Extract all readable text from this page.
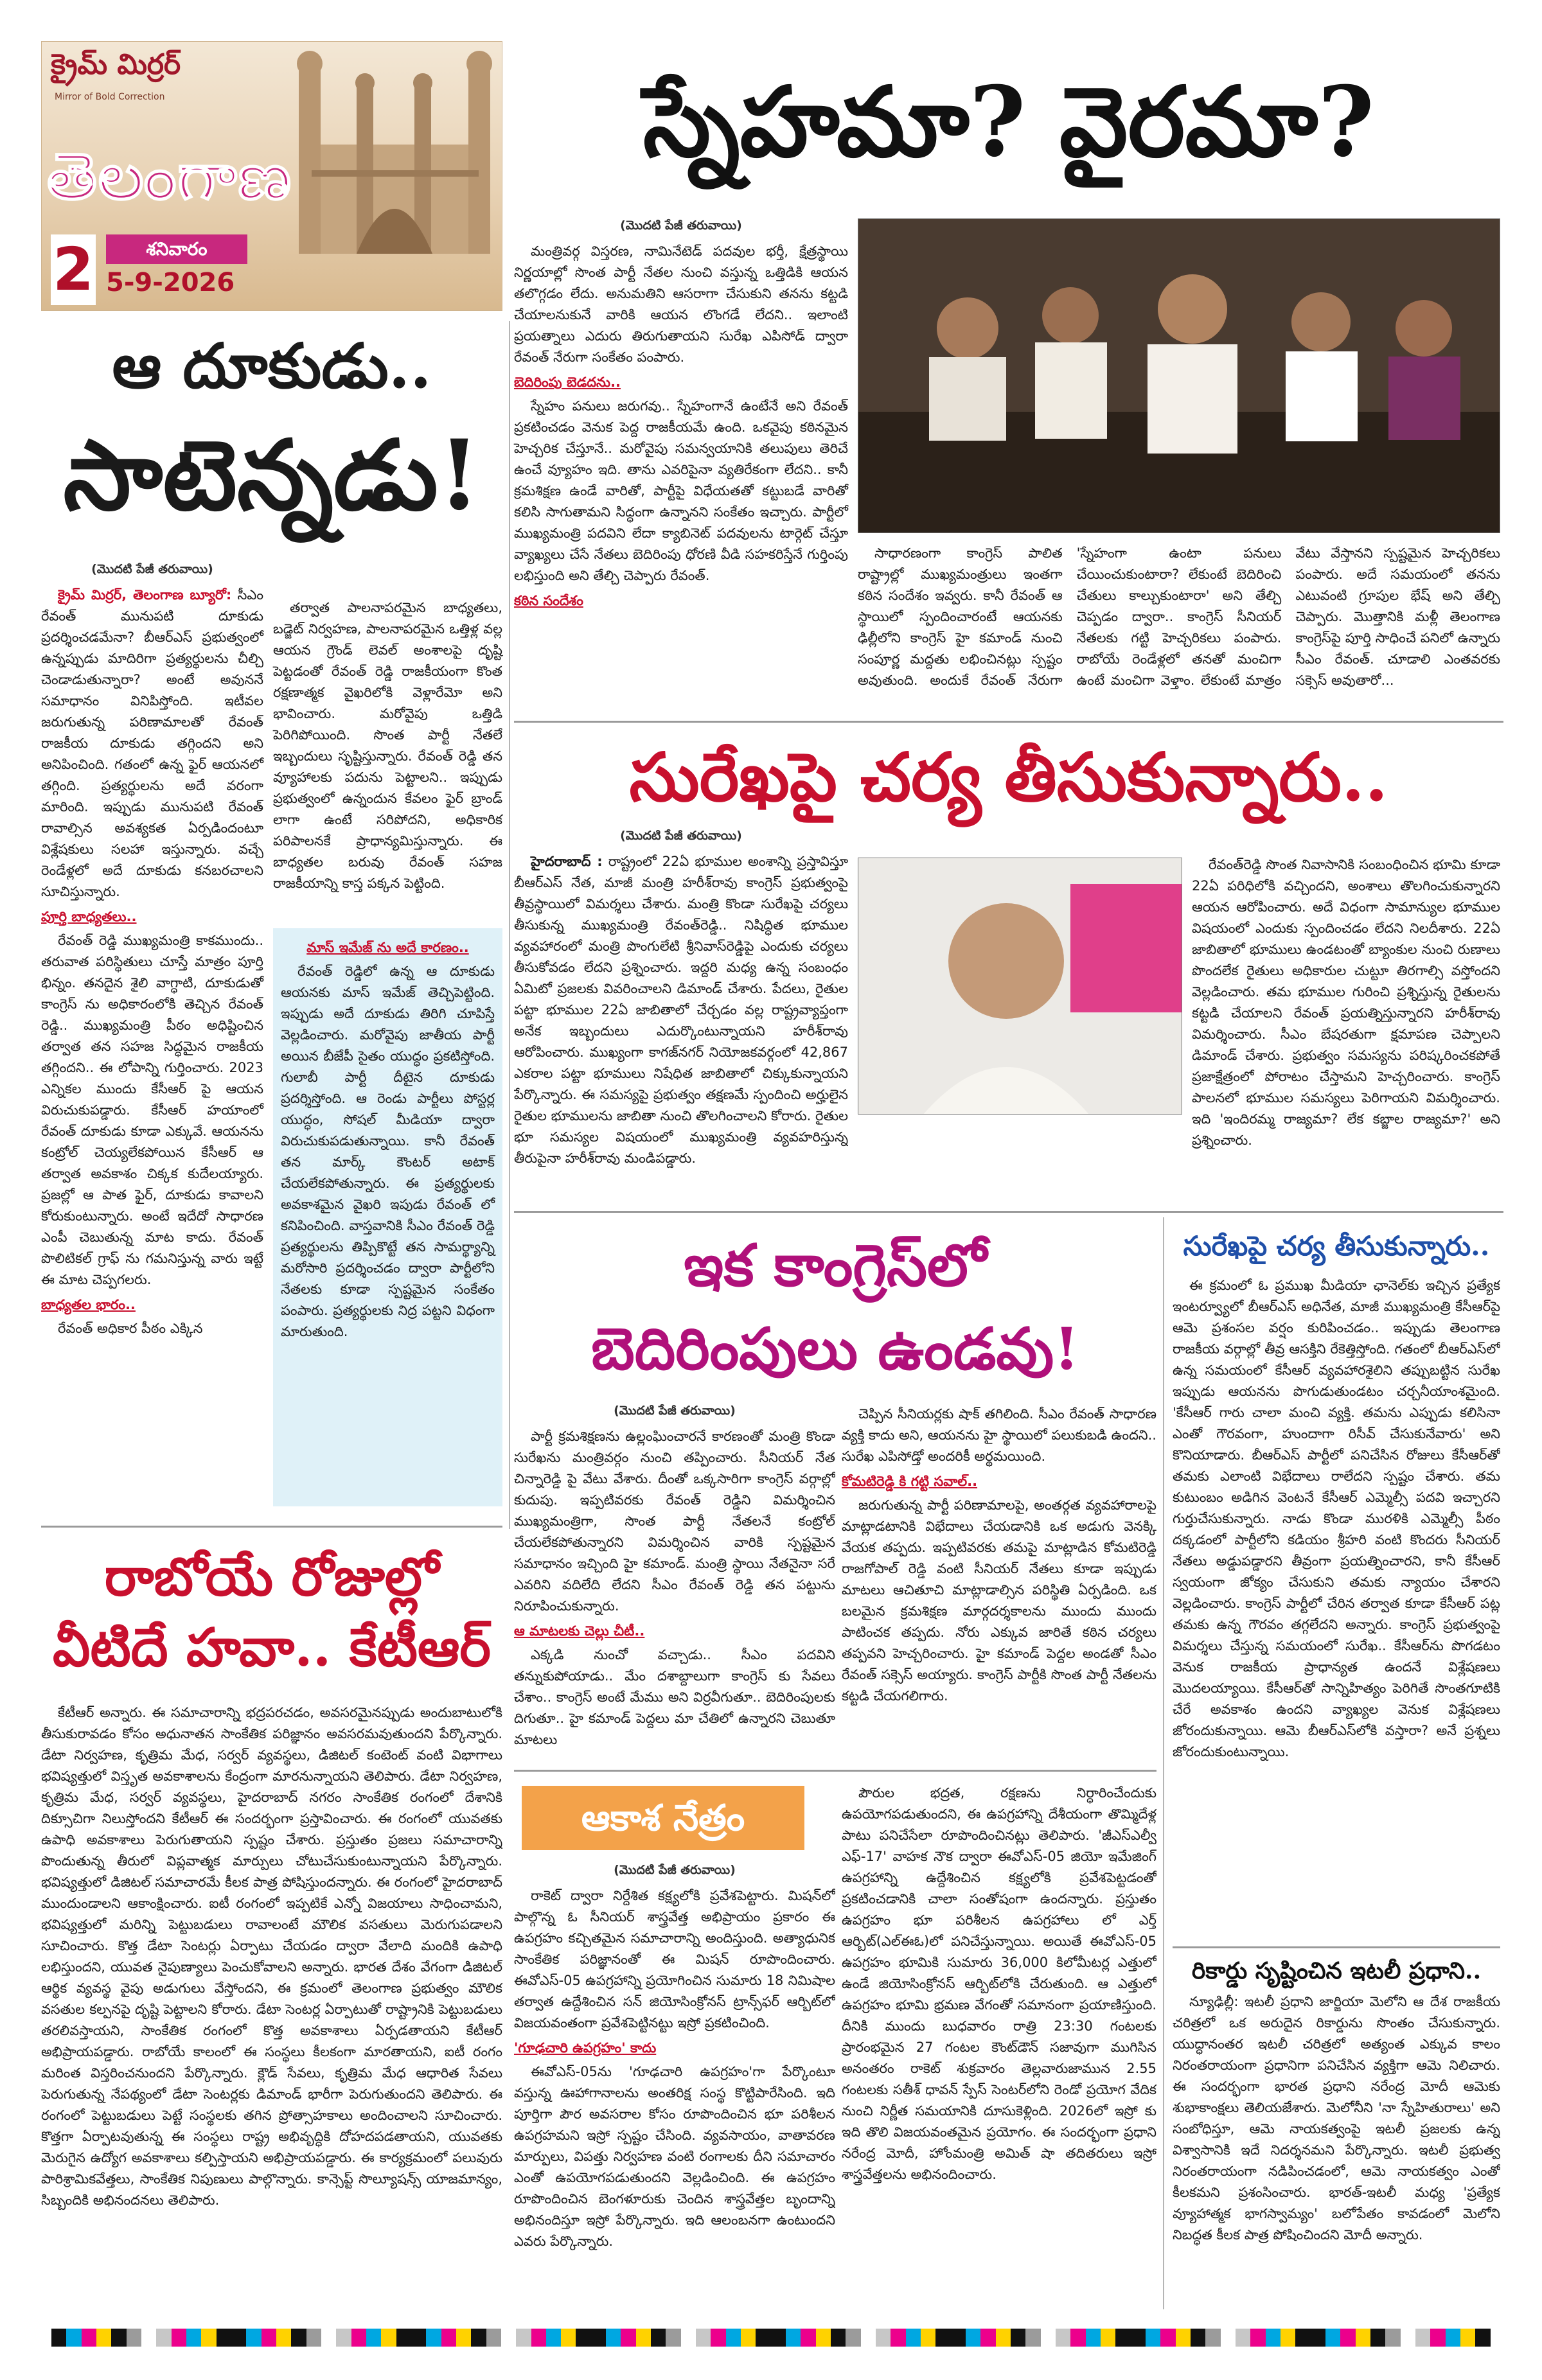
క్రైమ్ మిర్రర్
Mirror of Bold Correction
తెలంగాణ
2	శనివారం
5-9-2026
స్నేహమా? వైరమా?
(మొదటి పేజీ తరువాయి)

మంత్రివర్గ విస్తరణ, నామినేటెడ్ పదవుల భర్తీ, క్షేత్రస్థాయి నిర్ణయాల్లో సొంత పార్టీ నేతల నుంచి వస్తున్న ఒత్తిడికి ఆయన తలొగ్గడం లేదు. అనుమతిని ఆసరాగా చేసుకుని తనను కట్టడి చేయాలనుకునే వారికి ఆయన లొంగడే లేదని.. ఇలాంటి ప్రయత్నాలు ఎదురు తిరుగుతాయని సురేఖ ఎపిసోడ్ ద్వారా రేవంత్ నేరుగా సంకేతం పంపారు.

బెదిరింపు బెడదను..

స్నేహం పనులు జరుగవు.. స్నేహంగానే ఉంటేనే అని రేవంత్ ప్రకటించడం వెనుక పెద్ద రాజకీయమే ఉంది. ఒకవైపు కఠినమైన హెచ్చరిక చేస్తూనే.. మరోవైపు సమన్వయానికి తలుపులు తెరిచే ఉంచే వ్యూహం ఇది. తాను ఎవరిపైనా వ్యతిరేకంగా లేదని.. కానీ క్రమశిక్షణ ఉండే వారితో, పార్టీపై విధేయతతో కట్టుబడే వారితో కలిసి సాగుతామని సిద్ధంగా ఉన్నానని సంకేతం ఇచ్చారు. పార్టీలో ముఖ్యమంత్రి పదవిని లేదా క్యాబినెట్ పదవులను టార్గెట్ చేస్తూ వ్యాఖ్యలు చేసే నేతలు బెదిరింపు ధోరణి వీడి సహకరిస్తేనే గుర్తింపు లభిస్తుంది అని తేల్చి చెప్పారు రేవంత్.

కఠిన సందేశం

సాధారణంగా కాంగ్రెస్ పాలిత రాష్ట్రాల్లో ముఖ్యమంత్రులు ఇంతగా కఠిన సందేశం ఇవ్వరు. కానీ రేవంత్ ఆ స్థాయిలో స్పందించారంటే ఆయనకు ఢిల్లీలోని కాంగ్రెస్ హై కమాండ్ నుంచి సంపూర్ణ మద్దతు లభించినట్లు స్పష్టం అవుతుంది. అందుకే రేవంత్ నేరుగా 'స్నేహంగా ఉంటా పనులు చేయించుకుంటారా? లేకుంటే బెదిరించి చేతులు కాల్చుకుంటారా' అని తేల్చి చెప్పడం ద్వారా.. కాంగ్రెస్ సీనియర్ నేతలకు గట్టి హెచ్చరికలు పంపారు. రాబోయే రెండేళ్లలో తనతో మంచిగా ఉంటే మంచిగా వెళ్తాం. లేకుంటే మాత్రం వేటు వేస్తానని స్పష్టమైన హెచ్చరికలు పంపారు. అదే సమయంలో తనను ఎటువంటి గ్రూపుల భేష్ అని తేల్చి చెప్పారు. మొత్తానికి మళ్లీ తెలంగాణ కాంగ్రెస్‌పై పూర్తి సాధించే పనిలో ఉన్నారు సీఎం రేవంత్. చూడాలి ఎంతవరకు సక్సెస్ అవుతారో...

ఆ దూకుడు..
సాటెన్నడు!
(మొదటి పేజీ తరువాయి)

క్రైమ్ మిర్రర్, తెలంగాణ బ్యూరో: సీఎం రేవంత్ మునుపటి దూకుడు ప్రదర్శించడమేనా? బీఆర్ఎస్ ప్రభుత్వంలో ఉన్నప్పుడు మాదిరిగా ప్రత్యర్థులను చీల్చి చెండాడుతున్నారా? అంటే అవుననే సమాధానం వినిపిస్తోంది. ఇటీవల జరుగుతున్న పరిణామాలతో రేవంత్ రాజకీయ దూకుడు తగ్గిందని అని అనిపించింది. గతంలో ఉన్న ఫైర్ ఆయనలో తగ్గింది. ప్రత్యర్థులను అదే వరంగా మారింది. ఇప్పుడు మునుపటి రేవంత్ రావాల్సిన అవశ్యకత ఏర్పడిందంటూ విశ్లేషకులు సలహా ఇస్తున్నారు. వచ్చే రెండేళ్లలో అదే దూకుడు కనబరచాలని సూచిస్తున్నారు.

పూర్తి బాధ్యతలు..

రేవంత్ రెడ్డి ముఖ్యమంత్రి కాకముందు.. తరువాత పరిస్థితులు చూస్తే మాత్రం పూర్తి భిన్నం. తనదైన శైలి వాగ్ధాటి, దూకుడుతో కాంగ్రెస్ ను అధికారంలోకి తెచ్చిన రేవంత్ రెడ్డి.. ముఖ్యమంత్రి పీఠం అధిష్టించిన తర్వాత తన సహజ సిద్ధమైన రాజకీయ తగ్గిందని.. ఈ లోపాన్ని గుర్తించారు. 2023 ఎన్నికల ముందు కేసీఆర్ పై ఆయన విరుచుకుపడ్డారు. కేసీఆర్ హయాంలో రేవంత్ దూకుడు కూడా ఎక్కువే. ఆయనను కంట్రోల్ చెయ్యలేకపోయిన కేసీఆర్ ఆ తర్వాత అవకాశం చిక్కక కుదేలయ్యారు. ప్రజల్లో ఆ పాత ఫైర్, దూకుడు కావాలని కోరుకుంటున్నారు. అంటే ఇదేదో సాధారణ ఎంపీ చెబుతున్న మాట కాదు. రేవంత్ పొలిటికల్ గ్రాఫ్ ను గమనిస్తున్న వారు ఇట్టే ఈ మాట చెప్పగలరు.

బాధ్యతల భారం..

రేవంత్ అధికార పీఠం ఎక్కిన

తర్వాత పాలనాపరమైన బాధ్యతలు, బడ్జెట్ నిర్వహణ, పాలనాపరమైన ఒత్తిళ్ల వల్ల ఆయన గ్రౌండ్ లెవల్ అంశాలపై దృష్టి పెట్టడంతో రేవంత్ రెడ్డి రాజకీయంగా కొంత రక్షణాత్మక వైఖరిలోకి వెళ్లారేమో అని భావించారు. మరోవైపు ఒత్తిడి పెరిగిపోయింది. సొంత పార్టీ నేతలే ఇబ్బందులు సృష్టిస్తున్నారు. రేవంత్ రెడ్డి తన వ్యూహాలకు పదును పెట్టాలని.. ఇప్పుడు ప్రభుత్వంలో ఉన్నందున కేవలం ఫైర్ బ్రాండ్ లాగా ఉంటే సరిపోదని, అధికారిక పరిపాలనకే ప్రాధాన్యమిస్తున్నారు. ఈ బాధ్యతల బరువు రేవంత్ సహజ రాజకీయాన్ని కాస్త పక్కన పెట్టింది.

మాస్ ఇమేజ్ ను అదే కారణం..

రేవంత్ రెడ్డిలో ఉన్న ఆ దూకుడు ఆయనకు మాస్ ఇమేజ్ తెచ్చిపెట్టింది. ఇప్పుడు అదే దూకుడు తిరిగి చూపిస్తే వెల్లడించారు. మరోవైపు జాతీయ పార్టీ అయిన బీజేపీ సైతం యుద్ధం ప్రకటిస్తోంది. గులాబీ పార్టీ దీటైన దూకుడు ప్రదర్శిస్తోంది. ఆ రెండు పార్టీలు పోస్టర్ల యుద్ధం, సోషల్ మీడియా ద్వారా విరుచుకుపడుతున్నాయి. కానీ రేవంత్ తన మార్క్ కౌంటర్ అటాక్ చేయలేకపోతున్నారు. ఈ ప్రత్యర్థులకు అవకాశమైన వైఖరి ఇపుడు రేవంత్ లో కనిపించింది. వాస్తవానికి సీఎం రేవంత్ రెడ్డి ప్రత్యర్థులను తిప్పికొట్టే తన సామర్థ్యాన్ని మరోసారి ప్రదర్శించడం ద్వారా పార్టీలోని నేతలకు కూడా స్పష్టమైన సంకేతం పంపారు. ప్రత్యర్థులకు నిద్ర పట్టని విధంగా మారుతుంది.

సురేఖపై చర్య తీసుకున్నారు..
(మొదటి పేజీ తరువాయి)

హైదరాబాద్ : రాష్ట్రంలో 22ఏ భూముల అంశాన్ని ప్రస్తావిస్తూ బీఆర్ఎస్ నేత, మాజీ మంత్రి హరీశ్‌రావు కాంగ్రెస్ ప్రభుత్వంపై తీవ్రస్థాయిలో విమర్శలు చేశారు. మంత్రి కొండా సురేఖపై చర్యలు తీసుకున్న ముఖ్యమంత్రి రేవంత్‌రెడ్డి.. నిషిద్ధిత భూముల వ్యవహారంలో మంత్రి పొంగులేటి శ్రీనివాస్‌రెడ్డిపై ఎందుకు చర్యలు తీసుకోవడం లేదని ప్రశ్నించారు. ఇద్దరి మధ్య ఉన్న సంబంధం ఏమిటో ప్రజలకు వివరించాలని డిమాండ్ చేశారు. పేదలు, రైతుల పట్టా భూముల 22ఏ జాబితాలో చేర్చడం వల్ల రాష్ట్రవ్యాప్తంగా అనేక ఇబ్బందులు ఎదుర్కొంటున్నాయని హరీశ్‌రావు ఆరోపించారు. ముఖ్యంగా కాగజ్‌నగర్ నియోజకవర్గంలో 42,867 ఎకరాల పట్టా భూములు నిషేధిత జాబితాలో చిక్కుకున్నాయని పేర్కొన్నారు. ఈ సమస్యపై ప్రభుత్వం తక్షణమే స్పందించి అర్హులైన రైతుల భూములను జాబితా నుంచి తొలగించాలని కోరారు. రైతుల భూ సమస్యల విషయంలో ముఖ్యమంత్రి వ్యవహరిస్తున్న తీరుపైనా హరీశ్‌రావు మండిపడ్డారు.

రేవంత్‌రెడ్డి సొంత నివాసానికి సంబంధించిన భూమి కూడా 22ఏ పరిధిలోకి వచ్చిందని, అంశాలు తొలగించుకున్నారని ఆయన ఆరోపించారు. అదే విధంగా సామాన్యుల భూముల విషయంలో ఎందుకు స్పందించడం లేదని నిలదీశారు. 22ఏ జాబితాలో భూములు ఉండటంతో బ్యాంకుల నుంచి రుణాలు పొందలేక రైతులు అధికారుల చుట్టూ తిరగాల్సి వస్తోందని వెల్లడించారు. తమ భూముల గురించి ప్రశ్నిస్తున్న రైతులను కట్టడి చేయాలని రేవంత్ ప్రయత్నిస్తున్నారని హరీశ్‌రావు విమర్శించారు. సీఎం బేషరతుగా క్షమాపణ చెప్పాలని డిమాండ్ చేశారు. ప్రభుత్వం సమస్యను పరిష్కరించకపోతే ప్రజాక్షేత్రంలో పోరాటం చేస్తామని హెచ్చరించారు. కాంగ్రెస్ పాలనలో భూముల సమస్యలు పెరిగాయని విమర్శించారు. ఇది 'ఇందిరమ్మ రాజ్యమా? లేక కబ్జాల రాజ్యమా?' అని ప్రశ్నించారు.

ఇక కాంగ్రెస్‌లో
బెదిరింపులు ఉండవు!
(మొదటి పేజీ తరువాయి)

పార్టీ క్రమశిక్షణను ఉల్లంఘించారనే కారణంతో మంత్రి కొండా సురేఖను మంత్రివర్గం నుంచి తప్పించారు. సీనియర్ నేత చిన్నారెడ్డి పై వేటు వేశారు. దీంతో ఒక్కసారిగా కాంగ్రెస్ వర్గాల్లో కుదుపు. ఇప్పటివరకు రేవంత్ రెడ్డిని విమర్శించిన ముఖ్యమంత్రిగా, సొంత పార్టీ నేతలనే కంట్రోల్ చేయలేకపోతున్నారని విమర్శించిన వారికి స్పష్టమైన సమాధానం ఇచ్చింది హై కమాండ్. మంత్రి స్థాయి నేతనైనా సరే ఎవరిని వదిలేది లేదని సీఎం రేవంత్ రెడ్డి తన పట్టును నిరూపించుకున్నారు.

ఆ మాటలకు చెల్లు చీటీ..

ఎక్కడి నుంచో వచ్చాడు.. సీఎం పదవిని తన్నుకుపోయాడు.. మేం దశాబ్దాలుగా కాంగ్రెస్ కు సేవలు చేశాం.. కాంగ్రెస్ అంటే మేము అని విర్రవీగుతూ.. బెదిరింపులకు దిగుతూ.. హై కమాండ్ పెద్దలు మా చేతిలో ఉన్నారని చెబుతూ మాటలు

చెప్పిన సీనియర్లకు షాక్ తగిలింది. సీఎం రేవంత్ సాధారణ వ్యక్తి కాదు అని, ఆయనను హై స్థాయిలో పలుకుబడి ఉందని.. సురేఖ ఎపిసోడ్తో అందరికీ అర్థమయింది.

కోమటిరెడ్డి కి గట్టి సవాల్..

జరుగుతున్న పార్టీ పరిణామాలపై, అంతర్గత వ్యవహారాలపై మాట్లాడటానికి విభేదాలు చేయడానికి ఒక అడుగు వెనక్కి వేయక తప్పదు. ఇప్పటివరకు తమపై మాట్లాడిన కోమటిరెడ్డి రాజగోపాల్ రెడ్డి వంటి సీనియర్ నేతలు కూడా ఇప్పుడు మాటలు ఆచితూచి మాట్లాడాల్సిన పరిస్థితి ఏర్పడింది. ఒక బలమైన క్రమశిక్షణ మార్గదర్శకాలను ముందు ముందు పాటించక తప్పదు. నోరు ఎక్కువ జారితే కఠిన చర్యలు తప్పవని హెచ్చరించారు. హై కమాండ్ పెద్దల అండతో సీఎం రేవంత్ సక్సెస్ అయ్యారు. కాంగ్రెస్ పార్టీకి సొంత పార్టీ నేతలను కట్టడి చేయగలిగారు.

రాబోయే రోజుల్లో
వీటిదే హవా.. కేటీఆర్

కేటీఆర్ అన్నారు. ఈ సమాచారాన్ని భద్రపరచడం, అవసరమైనప్పుడు అందుబాటులోకి తీసుకురావడం కోసం అధునాతన సాంకేతిక పరిజ్ఞానం అవసరమవుతుందని పేర్కొన్నారు. డేటా నిర్వహణ, కృత్రిమ మేధ, సర్వర్ వ్యవస్థలు, డిజిటల్ కంటెంట్ వంటి విభాగాలు భవిష్యత్తులో విస్తృత అవకాశాలను కేంద్రంగా మారనున్నాయని తెలిపారు. డేటా నిర్వహణ, కృత్రిమ మేధ, సర్వర్ వ్యవస్థలు, హైదరాబాద్ నగరం సాంకేతిక రంగంలో దేశానికి దిక్సూచిగా నిలుస్తోందని కేటీఆర్ ఈ సందర్భంగా ప్రస్తావించారు. ఈ రంగంలో యువతకు ఉపాధి అవకాశాలు పెరుగుతాయని స్పష్టం చేశారు. ప్రస్తుతం ప్రజలు సమాచారాన్ని పొందుతున్న తీరులో విప్లవాత్మక మార్పులు చోటుచేసుకుంటున్నాయని పేర్కొన్నారు. భవిష్యత్తులో డిజిటల్ సమాచారమే కీలక పాత్ర పోషిస్తుందన్నారు. ఈ రంగంలో హైదరాబాద్ ముందుండాలని ఆకాంక్షించారు. ఐటీ రంగంలో ఇప్పటికే ఎన్నో విజయాలు సాధించామని, భవిష్యత్తులో మరిన్ని పెట్టుబడులు రావాలంటే మౌలిక వసతులు మెరుగుపడాలని సూచించారు. కొత్త డేటా సెంటర్లు ఏర్పాటు చేయడం ద్వారా వేలాది మందికి ఉపాధి లభిస్తుందని, యువత నైపుణ్యాలు పెంచుకోవాలని అన్నారు. భారత దేశం వేగంగా డిజిటల్ ఆర్థిక వ్యవస్థ వైపు అడుగులు వేస్తోందని, ఈ క్రమంలో తెలంగాణ ప్రభుత్వం మౌలిక వసతుల కల్పనపై దృష్టి పెట్టాలని కోరారు. డేటా సెంటర్ల ఏర్పాటుతో రాష్ట్రానికి పెట్టుబడులు తరలివస్తాయని, సాంకేతిక రంగంలో కొత్త అవకాశాలు ఏర్పడతాయని కేటీఆర్ అభిప్రాయపడ్డారు. రాబోయే కాలంలో ఈ సంస్థలు కీలకంగా మారతాయని, ఐటీ రంగం మరింత విస్తరించనుందని పేర్కొన్నారు. క్లౌడ్ సేవలు, కృత్రిమ మేధ ఆధారిత సేవలు పెరుగుతున్న నేపథ్యంలో డేటా సెంటర్లకు డిమాండ్ భారీగా పెరుగుతుందని తెలిపారు. ఈ రంగంలో పెట్టుబడులు పెట్టే సంస్థలకు తగిన ప్రోత్సాహకాలు అందించాలని సూచించారు. కొత్తగా ఏర్పాటవుతున్న ఈ సంస్థలు రాష్ట్ర అభివృద్ధికి దోహదపడతాయని, యువతకు మెరుగైన ఉద్యోగ అవకాశాలు కల్పిస్తాయని అభిప్రాయపడ్డారు. ఈ కార్యక్రమంలో పలువురు పారిశ్రామికవేత్తలు, సాంకేతిక నిపుణులు పాల్గొన్నారు. కాన్సెప్ట్ సొల్యూషన్స్ యాజమాన్యం, సిబ్బందికి అభినందనలు తెలిపారు.

ఆకాశ నేత్రం
(మొదటి పేజీ తరువాయి)

రాకెట్ ద్వారా నిర్దేశిత కక్ష్యలోకి ప్రవేశపెట్టారు. మిషన్‌లో పాల్గొన్న ఓ సీనియర్ శాస్త్రవేత్త అభిప్రాయం ప్రకారం ఈ ఉపగ్రహం కచ్చితమైన సమాచారాన్ని అందిస్తుంది. అత్యాధునిక సాంకేతిక పరిజ్ఞానంతో ఈ మిషన్ రూపొందించారు. ఈవోఎస్-05 ఉపగ్రహాన్ని ప్రయోగించిన సుమారు 18 నిమిషాల తర్వాత ఉద్దేశించిన సన్ జియోసింక్రోనస్ ట్రాన్స్‌ఫర్ ఆర్బిట్‌లో విజయవంతంగా ప్రవేశపెట్టినట్టు ఇస్రో ప్రకటించింది.

'గూఢచారి ఉపగ్రహం' కాదు

ఈవోఎస్-05ను 'గూఢచారి ఉపగ్రహం'గా పేర్కొంటూ వస్తున్న ఊహాగానాలను అంతరిక్ష సంస్థ కొట్టిపారేసింది. ఇది పూర్తిగా పౌర అవసరాల కోసం రూపొందించిన భూ పరిశీలన ఉపగ్రహమని ఇస్రో స్పష్టం చేసింది. వ్యవసాయం, వాతావరణ మార్పులు, విపత్తు నిర్వహణ వంటి రంగాలకు దీని సమాచారం ఎంతో ఉపయోగపడుతుందని వెల్లడించింది. ఈ ఉపగ్రహం రూపొందించిన బెంగళూరుకు చెందిన శాస్త్రవేత్తల బృందాన్ని అభినందిస్తూ ఇస్రో పేర్కొన్నారు. ఇది ఆలంబనగా ఉంటుందని ఎవరు పేర్కొన్నారు.

పౌరుల భద్రత, రక్షణను నిర్ధారించేందుకు ఉపయోగపడుతుందని, ఈ ఉపగ్రహాన్ని దేశీయంగా తొమ్మిదేళ్ల పాటు పనిచేసేలా రూపొందించినట్లు తెలిపారు. 'జీఎస్ఎల్వీ ఎఫ్-17' వాహక నౌక ద్వారా ఈవోఎస్-05 జియో ఇమేజింగ్ ఉపగ్రహాన్ని ఉద్దేశించిన కక్ష్యలోకి ప్రవేశపెట్టడంతో ప్రకటించడానికి చాలా సంతోషంగా ఉందన్నారు. ప్రస్తుతం ఉపగ్రహం భూ పరిశీలన ఉపగ్రహాలు లో ఎర్త్ ఆర్బిట్(ఎల్ఈఓ)లో పనిచేస్తున్నాయి. అయితే ఈవోఎస్-05 ఉపగ్రహం భూమికి సుమారు 36,000 కిలోమీటర్ల ఎత్తులో ఉండే జియోసింక్రోనస్ ఆర్బిట్‌లోకి చేరుతుంది. ఆ ఎత్తులో ఉపగ్రహం భూమి భ్రమణ వేగంతో సమానంగా ప్రయాణిస్తుంది. దీనికి ముందు బుధవారం రాత్రి 23:30 గంటలకు ప్రారంభమైన 27 గంటల కౌంట్‌డౌన్ సజావుగా ముగిసిన అనంతరం రాకెట్ శుక్రవారం తెల్లవారుజామున 2.55 గంటలకు సతీశ్ ధావన్ స్పేస్ సెంటర్‌లోని రెండో ప్రయోగ వేదిక నుంచి నిర్ణీత సమయానికి దూసుకెళ్లింది. 2026లో ఇస్రో కు ఇది తొలి విజయవంతమైన ప్రయోగం. ఈ సందర్భంగా ప్రధాని నరేంద్ర మోదీ, హోంమంత్రి అమిత్ షా తదితరులు ఇస్రో శాస్త్రవేత్తలను అభినందించారు.

సురేఖపై చర్య తీసుకున్నారు..

ఈ క్రమంలో ఓ ప్రముఖ మీడియా ఛానెల్‌కు ఇచ్చిన ప్రత్యేక ఇంటర్వ్యూలో బీఆర్ఎస్ అధినేత, మాజీ ముఖ్యమంత్రి కేసీఆర్‌పై ఆమె ప్రశంసల వర్షం కురిపించడం.. ఇప్పుడు తెలంగాణ రాజకీయ వర్గాల్లో తీవ్ర ఆసక్తిని రేకెత్తిస్తోంది. గతంలో బీఆర్ఎస్‌లో ఉన్న సమయంలో కేసీఆర్ వ్యవహారశైలిని తప్పుబట్టిన సురేఖ ఇప్పుడు ఆయనను పొగుడుతుండటం చర్చనీయాంశమైంది. 'కేసీఆర్ గారు చాలా మంచి వ్యక్తి. తమను ఎప్పుడు కలిసినా ఎంతో గౌరవంగా, హుందాగా రిసీవ్ చేసుకునేవారు' అని కొనియాడారు. బీఆర్ఎస్ పార్టీలో పనిచేసిన రోజులు కేసీఆర్‌తో తమకు ఎలాంటి విభేదాలు రాలేదని స్పష్టం చేశారు. తమ కుటుంబం అడిగిన వెంటనే కేసీఆర్ ఎమ్మెల్సీ పదవి ఇచ్చారని గుర్తుచేసుకున్నారు. నాడు కొండా మురళికి ఎమ్మెల్సీ పీఠం దక్కడంలో పార్టీలోని కడియం శ్రీహరి వంటి కొందరు సీనియర్ నేతలు అడ్డుపడ్డారని తీవ్రంగా ప్రయత్నించారని, కానీ కేసీఆర్ స్వయంగా జోక్యం చేసుకుని తమకు న్యాయం చేశారని వెల్లడించారు. కాంగ్రెస్ పార్టీలో చేరిన తర్వాత కూడా కేసీఆర్ పట్ల తమకు ఉన్న గౌరవం తగ్గలేదని అన్నారు. కాంగ్రెస్ ప్రభుత్వంపై విమర్శలు చేస్తున్న సమయంలో సురేఖ.. కేసీఆర్‌ను పొగడటం వెనుక రాజకీయ ప్రాధాన్యత ఉందనే విశ్లేషణలు మొదలయ్యాయి. కేసీఆర్‌తో సాన్నిహిత్యం పెరిగితే సొంతగూటికి చేరే అవకాశం ఉందని వ్యాఖ్యల వెనుక విశ్లేషణలు జోరందుకున్నాయి. ఆమె బీఆర్ఎస్‌లోకి వస్తారా? అనే ప్రశ్నలు జోరందుకుంటున్నాయి.

రికార్డు సృష్టించిన ఇటలీ ప్రధాని..

న్యూఢిల్లీ: ఇటలీ ప్రధాని జార్జియా మెలోని ఆ దేశ రాజకీయ చరిత్రలో ఒక అరుదైన రికార్డును సొంతం చేసుకున్నారు. యుద్ధానంతర ఇటలీ చరిత్రలో అత్యంత ఎక్కువ కాలం నిరంతరాయంగా ప్రధానిగా పనిచేసిన వ్యక్తిగా ఆమె నిలిచారు. ఈ సందర్భంగా భారత ప్రధాని నరేంద్ర మోదీ ఆమెకు శుభాకాంక్షలు తెలియజేశారు. మెలోనీని 'నా స్నేహితురాలు' అని సంబోధిస్తూ, ఆమె నాయకత్వంపై ఇటలీ ప్రజలకు ఉన్న విశ్వాసానికి ఇదే నిదర్శనమని పేర్కొన్నారు. ఇటలీ ప్రభుత్వ నిరంతరాయంగా నడిపించడంలో, ఆమె నాయకత్వం ఎంతో కీలకమని ప్రశంసించారు. భారత్-ఇటలీ మధ్య 'ప్రత్యేక వ్యూహాత్మక భాగస్వామ్యం' బలోపేతం కావడంలో మెలోని నిబద్ధత కీలక పాత్ర పోషించిందని మోదీ అన్నారు.
